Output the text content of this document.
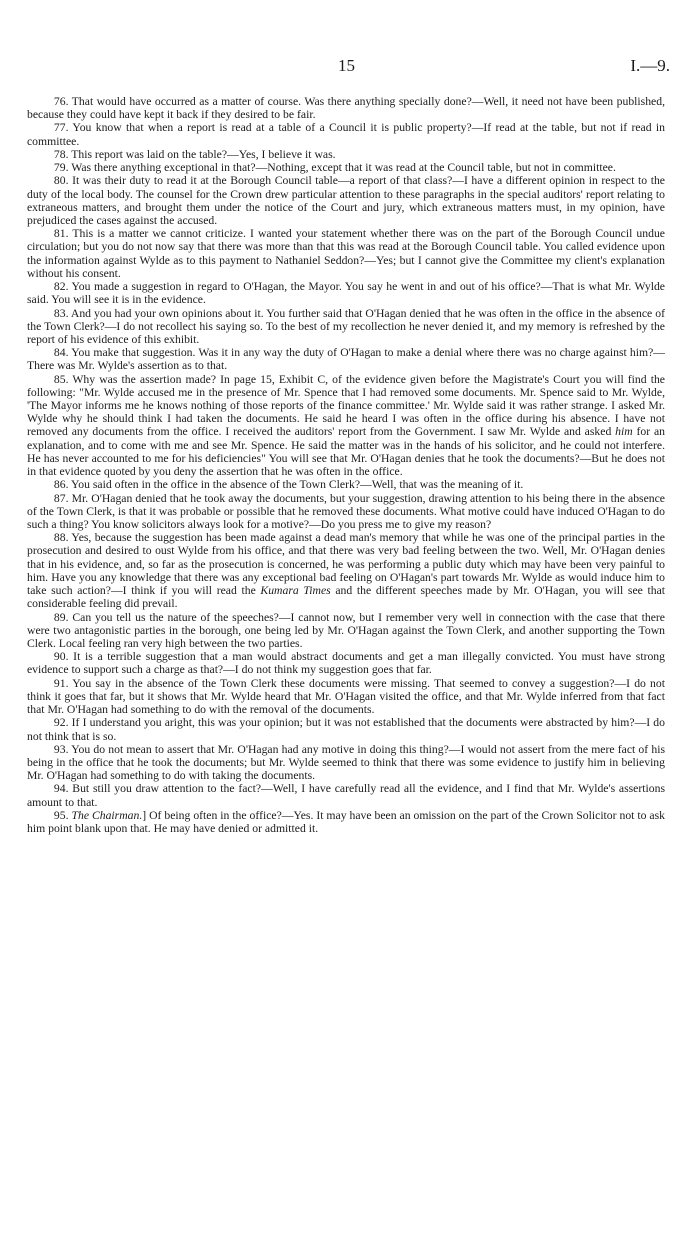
15	I.—9.

76. That would have occurred as a matter of course. Was there anything specially done?—Well, it need not have been published, because they could have kept it back if they desired to be fair.

77. You know that when a report is read at a table of a Council it is public property?—If read at the table, but not if read in committee.

78. This report was laid on the table?—Yes, I believe it was.

79. Was there anything exceptional in that?—Nothing, except that it was read at the Council table, but not in committee.

80. It was their duty to read it at the Borough Council table—a report of that class?—I have a different opinion in respect to the duty of the local body. The counsel for the Crown drew particular attention to these paragraphs in the special auditors' report relating to extraneous matters, and brought them under the notice of the Court and jury, which extraneous matters must, in my opinion, have prejudiced the cases against the accused.

81. This is a matter we cannot criticize. I wanted your statement whether there was on the part of the Borough Council undue circulation; but you do not now say that there was more than that this was read at the Borough Council table. You called evidence upon the information against Wylde as to this payment to Nathaniel Seddon?—Yes; but I cannot give the Committee my client's explanation without his consent.

82. You made a suggestion in regard to O'Hagan, the Mayor. You say he went in and out of his office?—That is what Mr. Wylde said. You will see it is in the evidence.

83. And you had your own opinions about it. You further said that O'Hagan denied that he was often in the office in the absence of the Town Clerk?—I do not recollect his saying so. To the best of my recollection he never denied it, and my memory is refreshed by the report of his evidence of this exhibit.

84. You make that suggestion. Was it in any way the duty of O'Hagan to make a denial where there was no charge against him?—There was Mr. Wylde's assertion as to that.

85. Why was the assertion made? In page 15, Exhibit C, of the evidence given before the Magistrate's Court you will find the following: "Mr. Wylde accused me in the presence of Mr. Spence that I had removed some documents. Mr. Spence said to Mr. Wylde, 'The Mayor informs me he knows nothing of those reports of the finance committee.' Mr. Wylde said it was rather strange. I asked Mr. Wylde why he should think I had taken the documents. He said he heard I was often in the office during his absence. I have not removed any documents from the office. I received the auditors' report from the Government. I saw Mr. Wylde and asked him for an explanation, and to come with me and see Mr. Spence. He said the matter was in the hands of his solicitor, and he could not interfere. He has never accounted to me for his deficiencies" You will see that Mr. O'Hagan denies that he took the documents?—But he does not in that evidence quoted by you deny the assertion that he was often in the office.

86. You said often in the office in the absence of the Town Clerk?—Well, that was the meaning of it.

87. Mr. O'Hagan denied that he took away the documents, but your suggestion, drawing attention to his being there in the absence of the Town Clerk, is that it was probable or possible that he removed these documents. What motive could have induced O'Hagan to do such a thing? You know solicitors always look for a motive?—Do you press me to give my reason?

88. Yes, because the suggestion has been made against a dead man's memory that while he was one of the principal parties in the prosecution and desired to oust Wylde from his office, and that there was very bad feeling between the two. Well, Mr. O'Hagan denies that in his evidence, and, so far as the prosecution is concerned, he was performing a public duty which may have been very painful to him. Have you any knowledge that there was any exceptional bad feeling on O'Hagan's part towards Mr. Wylde as would induce him to take such action?—I think if you will read the Kumara Times and the different speeches made by Mr. O'Hagan, you will see that considerable feeling did prevail.

89. Can you tell us the nature of the speeches?—I cannot now, but I remember very well in connection with the case that there were two antagonistic parties in the borough, one being led by Mr. O'Hagan against the Town Clerk, and another supporting the Town Clerk. Local feeling ran very high between the two parties.

90. It is a terrible suggestion that a man would abstract documents and get a man illegally convicted. You must have strong evidence to support such a charge as that?—I do not think my suggestion goes that far.

91. You say in the absence of the Town Clerk these documents were missing. That seemed to convey a suggestion?—I do not think it goes that far, but it shows that Mr. Wylde heard that Mr. O'Hagan visited the office, and that Mr. Wylde inferred from that fact that Mr. O'Hagan had something to do with the removal of the documents.

92. If I understand you aright, this was your opinion; but it was not established that the documents were abstracted by him?—I do not think that is so.

93. You do not mean to assert that Mr. O'Hagan had any motive in doing this thing?—I would not assert from the mere fact of his being in the office that he took the documents; but Mr. Wylde seemed to think that there was some evidence to justify him in believing Mr. O'Hagan had something to do with taking the documents.

94. But still you draw attention to the fact?—Well, I have carefully read all the evidence, and I find that Mr. Wylde's assertions amount to that.

95. The Chairman.] Of being often in the office?—Yes. It may have been an omission on the part of the Crown Solicitor not to ask him point blank upon that. He may have denied or admitted it.
